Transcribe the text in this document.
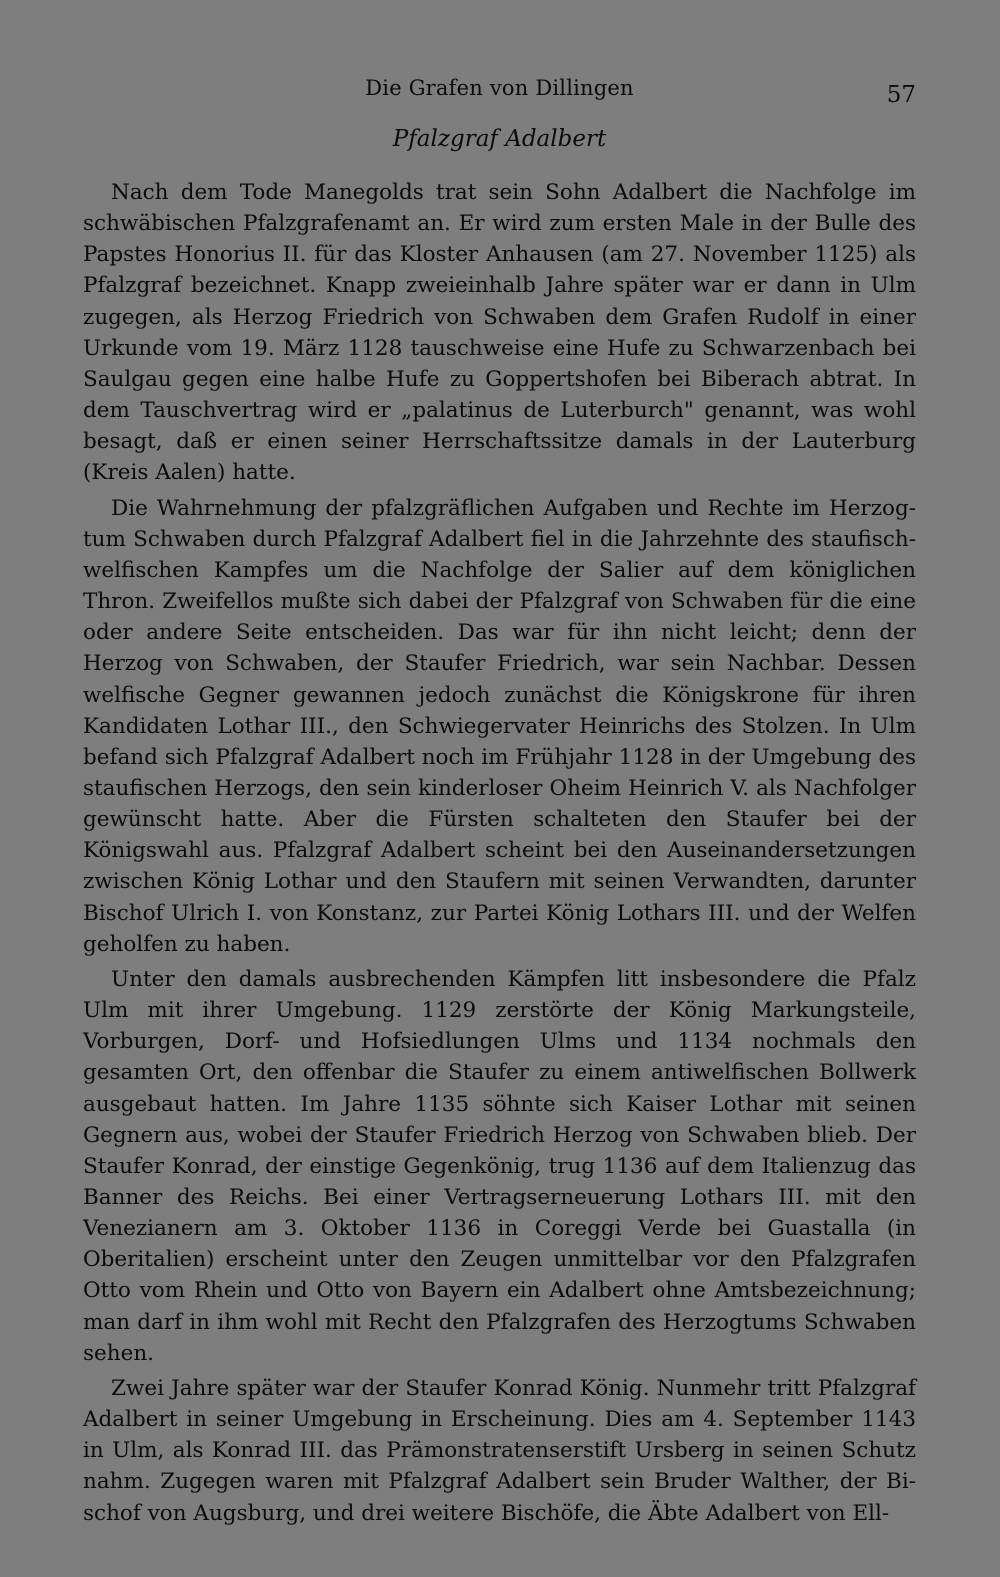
Die Grafen von Dillingen	57
Pfalzgraf Adalbert

Nach dem Tode Manegolds trat sein Sohn Adalbert die Nachfolge im schwäbischen Pfalzgrafenamt an. Er wird zum ersten Male in der Bulle des Papstes Honorius II. für das Kloster Anhausen (am 27. November 1125) als Pfalzgraf bezeichnet. Knapp zweieinhalb Jahre später war er dann in Ulm zugegen, als Herzog Friedrich von Schwaben dem Grafen Rudolf in einer Urkunde vom 19. März 1128 tauschweise eine Hufe zu Schwarzenbach bei Saulgau gegen eine halbe Hufe zu Goppertshofen bei Biberach abtrat. In dem Tauschvertrag wird er „palatinus de Luterburch" genannt, was wohl besagt, daß er einen seiner Herrschaftssitze damals in der Lauterburg (Kreis Aalen) hatte.

Die Wahrnehmung der pfalzgräflichen Aufgaben und Rechte im Herzogtum Schwaben durch Pfalzgraf Adalbert fiel in die Jahrzehnte des staufisch-welfischen Kampfes um die Nachfolge der Salier auf dem königlichen Thron. Zweifellos mußte sich dabei der Pfalzgraf von Schwaben für die eine oder andere Seite entscheiden. Das war für ihn nicht leicht; denn der Herzog von Schwaben, der Staufer Friedrich, war sein Nachbar. Dessen welfische Gegner gewannen jedoch zunächst die Königskrone für ihren Kandidaten Lothar III., den Schwiegervater Heinrichs des Stolzen. In Ulm befand sich Pfalzgraf Adalbert noch im Frühjahr 1128 in der Umgebung des staufischen Herzogs, den sein kinderloser Oheim Heinrich V. als Nachfolger gewünscht hatte. Aber die Fürsten schalteten den Staufer bei der Königswahl aus. Pfalzgraf Adalbert scheint bei den Auseinandersetzungen zwischen König Lothar und den Staufern mit seinen Verwandten, darunter Bischof Ulrich I. von Konstanz, zur Partei König Lothars III. und der Welfen geholfen zu haben.

Unter den damals ausbrechenden Kämpfen litt insbesondere die Pfalz Ulm mit ihrer Umgebung. 1129 zerstörte der König Markungsteile, Vorburgen, Dorf- und Hofsiedlungen Ulms und 1134 nochmals den gesamten Ort, den offenbar die Staufer zu einem antiwelfischen Bollwerk ausgebaut hatten. Im Jahre 1135 söhnte sich Kaiser Lothar mit seinen Gegnern aus, wobei der Staufer Friedrich Herzog von Schwaben blieb. Der Staufer Konrad, der einstige Gegenkönig, trug 1136 auf dem Italienzug das Banner des Reichs. Bei einer Vertragserneuerung Lothars III. mit den Venezianern am 3. Oktober 1136 in Coreggi Verde bei Guastalla (in Oberitalien) erscheint unter den Zeugen unmittelbar vor den Pfalzgrafen Otto vom Rhein und Otto von Bayern ein Adalbert ohne Amtsbezeichnung; man darf in ihm wohl mit Recht den Pfalzgrafen des Herzogtums Schwaben sehen.

Zwei Jahre später war der Staufer Konrad König. Nunmehr tritt Pfalzgraf Adalbert in seiner Umgebung in Erscheinung. Dies am 4. September 1143 in Ulm, als Konrad III. das Prämonstratenserstift Ursberg in seinen Schutz nahm. Zugegen waren mit Pfalzgraf Adalbert sein Bruder Walther, der Bischof von Augsburg, und drei weitere Bischöfe, die Äbte Adalbert von Ell-
